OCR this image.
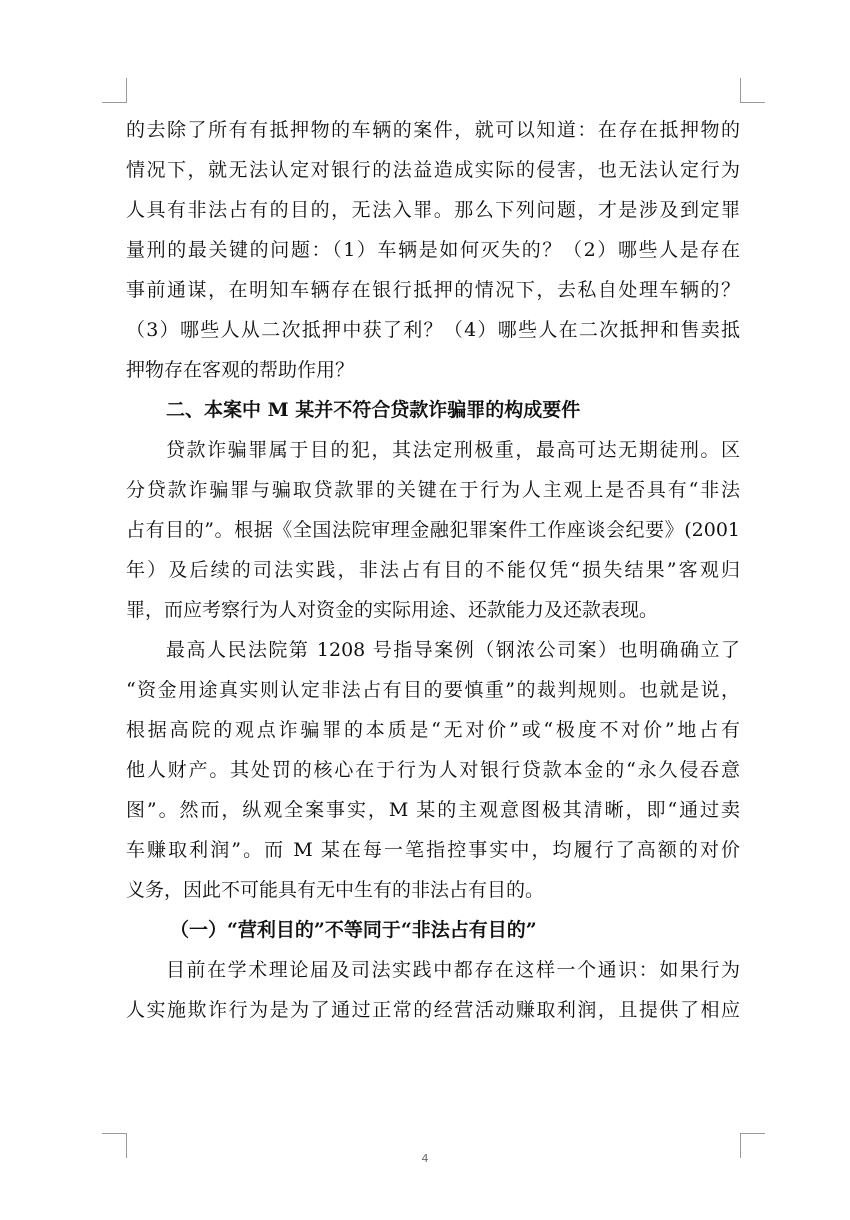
的去除了所有有抵押物的车辆的案件，就可以知道：在存在抵押物的
情况下，就无法认定对银行的法益造成实际的侵害，也无法认定行为
人具有非法占有的目的，无法入罪。那么下列问题，才是涉及到定罪
量刑的最关键的问题：（1）车辆是如何灭失的？（2）哪些人是存在
事前通谋，在明知车辆存在银行抵押的情况下，去私自处理车辆的？
（3）哪些人从二次抵押中获了利？（4）哪些人在二次抵押和售卖抵
押物存在客观的帮助作用？
二、本案中 M 某并不符合贷款诈骗罪的构成要件
贷款诈骗罪属于目的犯，其法定刑极重，最高可达无期徒刑。区
分贷款诈骗罪与骗取贷款罪的关键在于行为人主观上是否具有“非法
占有目的”。根据《全国法院审理金融犯罪案件工作座谈会纪要》(2001
年）及后续的司法实践，非法占有目的不能仅凭“损失结果”客观归
罪，而应考察行为人对资金的实际用途、还款能力及还款表现。
最高人民法院第 1208 号指导案例（钢浓公司案）也明确确立了
“资金用途真实则认定非法占有目的要慎重”的裁判规则。也就是说，
根据高院的观点诈骗罪的本质是“无对价”或“极度不对价”地占有
他人财产。其处罚的核心在于行为人对银行贷款本金的“永久侵吞意
图”。然而，纵观全案事实，M 某的主观意图极其清晰，即“通过卖
车赚取利润”。而 M 某在每一笔指控事实中，均履行了高额的对价
义务，因此不可能具有无中生有的非法占有目的。
（一）“营利目的”不等同于“非法占有目的”
目前在学术理论届及司法实践中都存在这样一个通识：如果行为
人实施欺诈行为是为了通过正常的经营活动赚取利润，且提供了相应
4
